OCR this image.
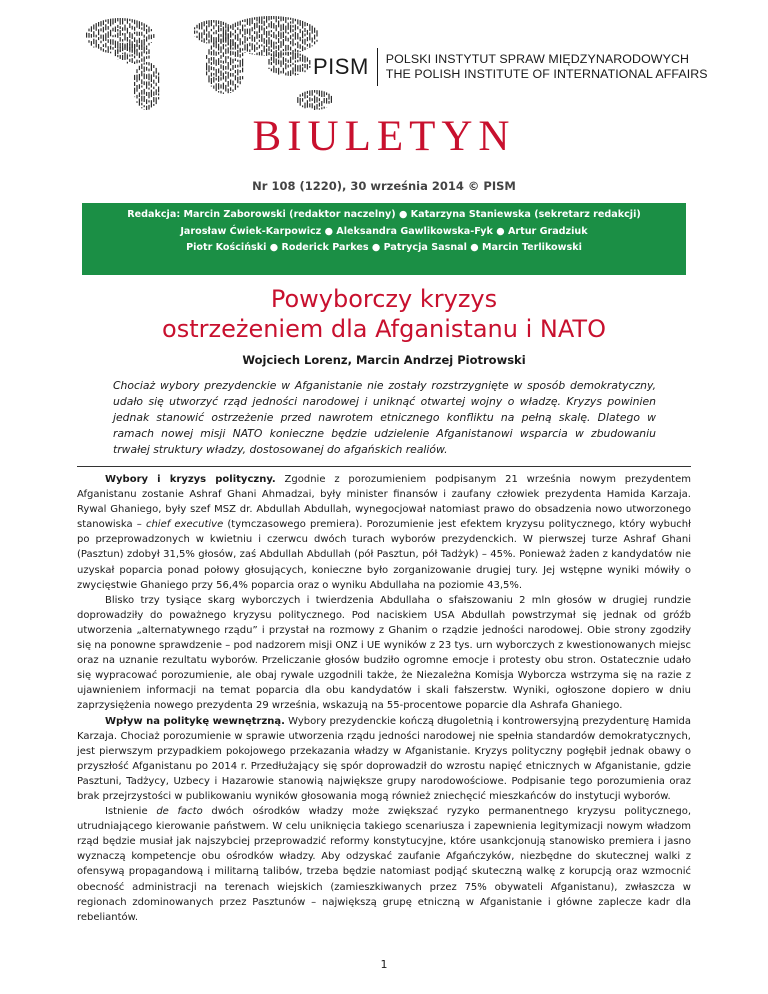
PISM	POLSKI INSTYTUT SPRAW MIĘDZYNARODOWYCH
THE POLISH INSTITUTE OF INTERNATIONAL AFFAIRS
BIULETYN
Nr 108 (1220), 30 września 2014 © PISM
Redakcja: Marcin Zaborowski (redaktor naczelny) ● Katarzyna Staniewska (sekretarz redakcji)
Jarosław Ćwiek-Karpowicz ● Aleksandra Gawlikowska-Fyk ● Artur Gradziuk
Piotr Kościński ● Roderick Parkes ● Patrycja Sasnal ● Marcin Terlikowski
Powyborczy kryzys
ostrzeżeniem dla Afganistanu i NATO
Wojciech Lorenz, Marcin Andrzej Piotrowski
Chociaż wybory prezydenckie w Afganistanie nie zostały rozstrzygnięte w sposób demokratyczny, udało się utworzyć rząd jedności narodowej i uniknąć otwartej wojny o władzę. Kryzys powinien jednak stanowić ostrzeżenie przed nawrotem etnicznego konfliktu na pełną skalę. Dlatego w ramach nowej misji NATO konieczne będzie udzielenie Afganistanowi wsparcia w zbudowaniu trwałej struktury władzy, dostosowanej do afgańskich realiów.

Wybory i kryzys polityczny. Zgodnie z porozumieniem podpisanym 21 września nowym prezydentem Afganistanu zostanie Ashraf Ghani Ahmadzai, były minister finansów i zaufany człowiek prezydenta Hamida Karzaja. Rywal Ghaniego, były szef MSZ dr. Abdullah Abdullah, wynegocjował natomiast prawo do obsadzenia nowo utworzonego stanowiska – chief executive (tymczasowego premiera). Porozumienie jest efektem kryzysu politycznego, który wybuchł po przeprowadzonych w kwietniu i czerwcu dwóch turach wyborów prezydenckich. W pierwszej turze Ashraf Ghani (Pasztun) zdobył 31,5% głosów, zaś Abdullah Abdullah (pół Pasztun, pół Tadżyk) – 45%. Ponieważ żaden z kandydatów nie uzyskał poparcia ponad połowy głosujących, konieczne było zorganizowanie drugiej tury. Jej wstępne wyniki mówiły o zwycięstwie Ghaniego przy 56,4% poparcia oraz o wyniku Abdullaha na poziomie 43,5%.

Blisko trzy tysiące skarg wyborczych i twierdzenia Abdullaha o sfałszowaniu 2 mln głosów w drugiej rundzie doprowadziły do poważnego kryzysu politycznego. Pod naciskiem USA Abdullah powstrzymał się jednak od gróźb utworzenia „alternatywnego rządu” i przystał na rozmowy z Ghanim o rządzie jedności narodowej. Obie strony zgodziły się na ponowne sprawdzenie – pod nadzorem misji ONZ i UE wyników z 23 tys. urn wyborczych z kwestionowanych miejsc oraz na uznanie rezultatu wyborów. Przeliczanie głosów budziło ogromne emocje i protesty obu stron. Ostatecznie udało się wypracować porozumienie, ale obaj rywale uzgodnili także, że Niezależna Komisja Wyborcza wstrzyma się na razie z ujawnieniem informacji na temat poparcia dla obu kandydatów i skali fałszerstw. Wyniki, ogłoszone dopiero w dniu zaprzysiężenia nowego prezydenta 29 września, wskazują na 55-procentowe poparcie dla Ashrafa Ghaniego.

Wpływ na politykę wewnętrzną. Wybory prezydenckie kończą długoletnią i kontrowersyjną prezydenturę Hamida Karzaja. Chociaż porozumienie w sprawie utworzenia rządu jedności narodowej nie spełnia standardów demokratycznych, jest pierwszym przypadkiem pokojowego przekazania władzy w Afganistanie. Kryzys polityczny pogłębił jednak obawy o przyszłość Afganistanu po 2014 r. Przedłużający się spór doprowadził do wzrostu napięć etnicznych w Afganistanie, gdzie Pasztuni, Tadżycy, Uzbecy i Hazarowie stanowią największe grupy narodowościowe. Podpisanie tego porozumienia oraz brak przejrzystości w publikowaniu wyników głosowania mogą również zniechęcić mieszkańców do instytucji wyborów.

Istnienie de facto dwóch ośrodków władzy może zwiększać ryzyko permanentnego kryzysu politycznego, utrudniającego kierowanie państwem. W celu uniknięcia takiego scenariusza i zapewnienia legitymizacji nowym władzom rząd będzie musiał jak najszybciej przeprowadzić reformy konstytucyjne, które usankcjonują stanowisko premiera i jasno wyznaczą kompetencje obu ośrodków władzy. Aby odzyskać zaufanie Afgańczyków, niezbędne do skutecznej walki z ofensywą propagandową i militarną talibów, trzeba będzie natomiast podjąć skuteczną walkę z korupcją oraz wzmocnić obecność administracji na terenach wiejskich (zamieszkiwanych przez 75% obywateli Afganistanu), zwłaszcza w regionach zdominowanych przez Pasztunów – największą grupę etniczną w Afganistanie i główne zaplecze kadr dla rebeliantów.

1
